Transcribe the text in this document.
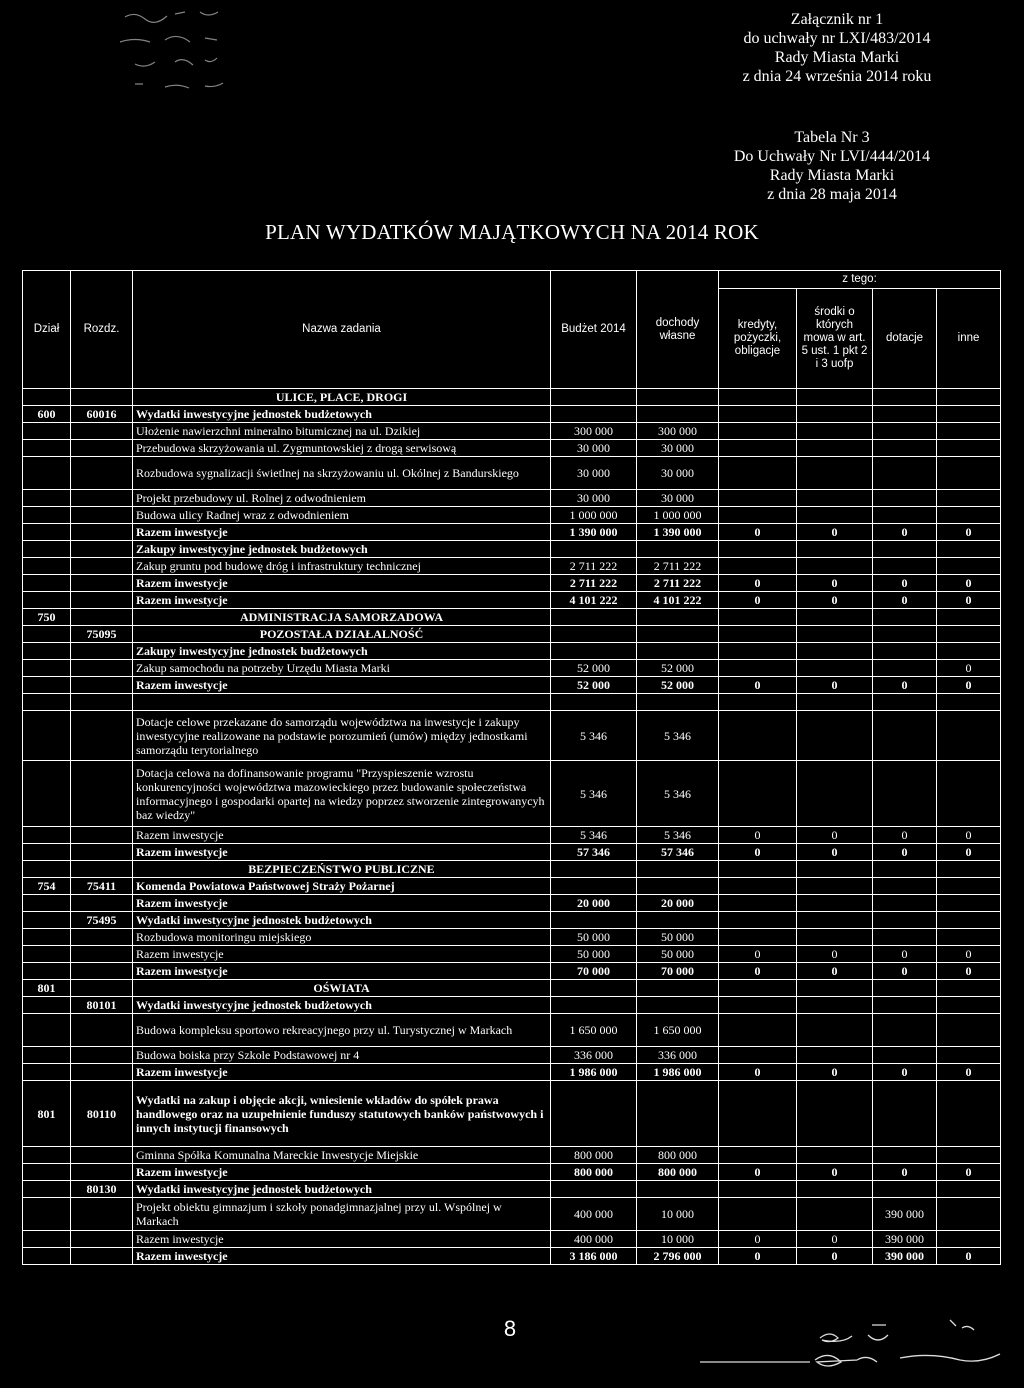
Załącznik nr 1
do uchwały nr LXI/483/2014
Rady Miasta Marki
z dnia 24 września 2014 roku
Tabela Nr 3
Do Uchwały Nr LVI/444/2014
Rady Miasta Marki
z dnia 28 maja 2014
PLAN WYDATKÓW MAJĄTKOWYCH NA 2014 ROK
Dział	Rozdz.	Nazwa zadania	Budżet 2014	dochody własne	z tego:			
					kredyty, pożyczki, obligacje	środki o których mowa w art. 5 ust. 1 pkt 2 i 3 uofp	dotacje	inne
		ULICE, PLACE, DROGI						
600	60016	Wydatki inwestycyjne jednostek budżetowych						
		Ułożenie nawierzchni mineralno bitumicznej na ul. Dzikiej	300 000	300 000				
		Przebudowa skrzyżowania ul. Zygmuntowskiej z drogą serwisową	30 000	30 000				
		Rozbudowa sygnalizacji świetlnej na skrzyżowaniu ul. Okólnej z Bandurskiego	30 000	30 000				
		Projekt przebudowy ul. Rolnej z odwodnieniem	30 000	30 000				
		Budowa ulicy Radnej wraz z odwodnieniem	1 000 000	1 000 000				
		Razem inwestycje	1 390 000	1 390 000	0	0	0	0
		Zakupy inwestycyjne jednostek budżetowych						
		Zakup gruntu pod budowę dróg i infrastruktury technicznej	2 711 222	2 711 222				
		Razem inwestycje	2 711 222	2 711 222	0	0	0	0
		Razem inwestycje	4 101 222	4 101 222	0	0	0	0
750		ADMINISTRACJA SAMORZADOWA						
	75095	POZOSTAŁA DZIAŁALNOŚĆ						
		Zakupy inwestycyjne jednostek budżetowych						
		Zakup samochodu na potrzeby Urzędu Miasta Marki	52 000	52 000				0
		Razem inwestycje	52 000	52 000	0	0	0	0

		Dotacje celowe przekazane do samorządu województwa na inwestycje i zakupy inwestycyjne realizowane na podstawie porozumień (umów) między jednostkami samorządu terytorialnego	5 346	5 346				
		Dotacja celowa na dofinansowanie programu "Przyspieszenie wzrostu konkurencyjności województwa mazowieckiego przez budowanie społeczeństwa informacyjnego i gospodarki opartej na wiedzy poprzez stworzenie zintegrowanycyh baz wiedzy"	5 346	5 346				
		Razem inwestycje	5 346	5 346	0	0	0	0
		Razem inwestycje	57 346	57 346	0	0	0	0
		BEZPIECZEŃSTWO PUBLICZNE						
754	75411	Komenda Powiatowa Państwowej Straży Pożarnej						
		Razem inwestycje	20 000	20 000				
	75495	Wydatki inwestycyjne jednostek budżetowych						
		Rozbudowa monitoringu miejskiego	50 000	50 000				
		Razem inwestycje	50 000	50 000	0	0	0	0
		Razem inwestycje	70 000	70 000	0	0	0	0
801		OŚWIATA						
	80101	Wydatki inwestycyjne jednostek budżetowych						
		Budowa kompleksu sportowo rekreacyjnego przy ul. Turystycznej w Markach	1 650 000	1 650 000				
		Budowa boiska przy Szkole Podstawowej nr 4	336 000	336 000				
		Razem inwestycje	1 986 000	1 986 000	0	0	0	0
801	80110	Wydatki na zakup i objęcie akcji, wniesienie wkładów do spółek prawa handlowego oraz na uzupełnienie funduszy statutowych banków państwowych i innych instytucji finansowych						
		Gminna Spółka Komunalna Mareckie Inwestycje Miejskie	800 000	800 000				
		Razem inwestycje	800 000	800 000	0	0	0	0
	80130	Wydatki inwestycyjne jednostek budżetowych						
		Projekt obiektu gimnazjum i szkoły ponadgimnazjalnej przy ul. Wspólnej w Markach	400 000	10 000			390 000	
		Razem inwestycje	400 000	10 000	0	0	390 000	
		Razem inwestycje	3 186 000	2 796 000	0	0	390 000	0
8
